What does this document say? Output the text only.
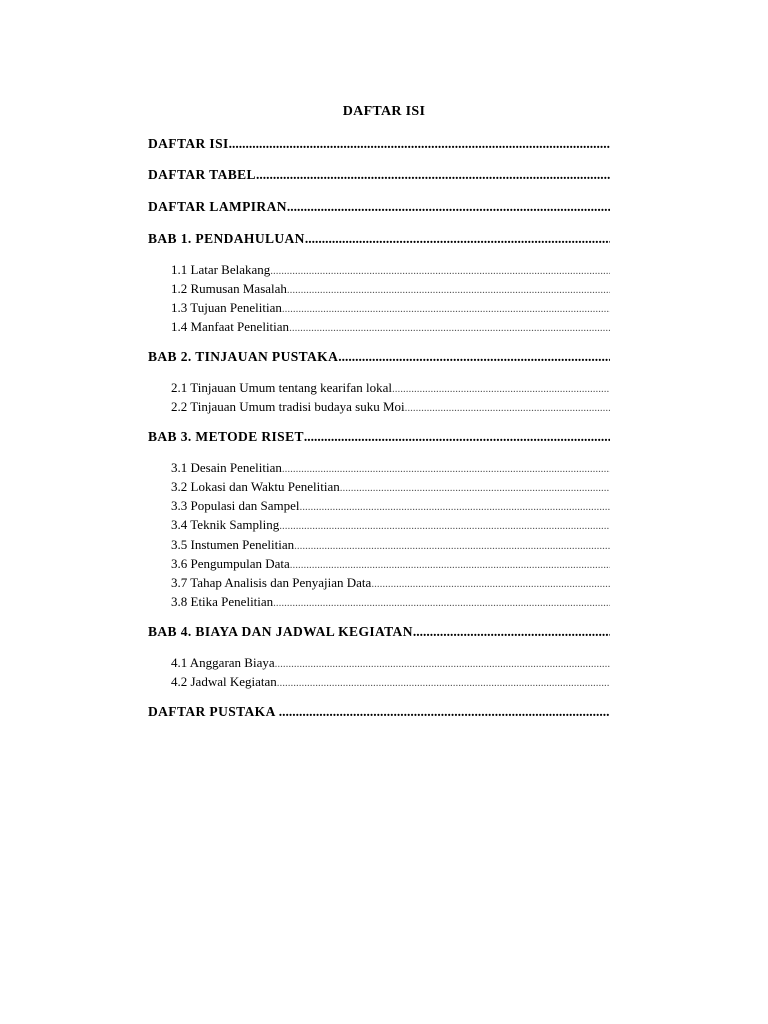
DAFTAR ISI
DAFTAR ISI
.....
DAFTAR TABEL
.....
DAFTAR LAMPIRAN
.....
BAB 1. PENDAHULUAN
.....
1.1 Latar Belakang
.....
1.2 Rumusan Masalah
.....
1.3 Tujuan Penelitian
.....
1.4 Manfaat Penelitian
.....
BAB 2. TINJAUAN PUSTAKA
.....
2.1 Tinjauan Umum tentang kearifan lokal
.....
2.2 Tinjauan Umum tradisi budaya suku Moi
.....
BAB 3. METODE RISET
.....
3.1 Desain Penelitian
.....
3.2 Lokasi dan Waktu Penelitian
.....
3.3 Populasi dan Sampel
.....
3.4 Teknik Sampling
.....
3.5 Instumen Penelitian
.....
3.6 Pengumpulan Data
.....
3.7 Tahap Analisis dan Penyajian Data
.....
3.8 Etika Penelitian
.....
BAB 4. BIAYA DAN JADWAL KEGIATAN
.....
4.1 Anggaran Biaya
.....
4.2 Jadwal Kegiatan
.....
DAFTAR PUSTAKA
.....
